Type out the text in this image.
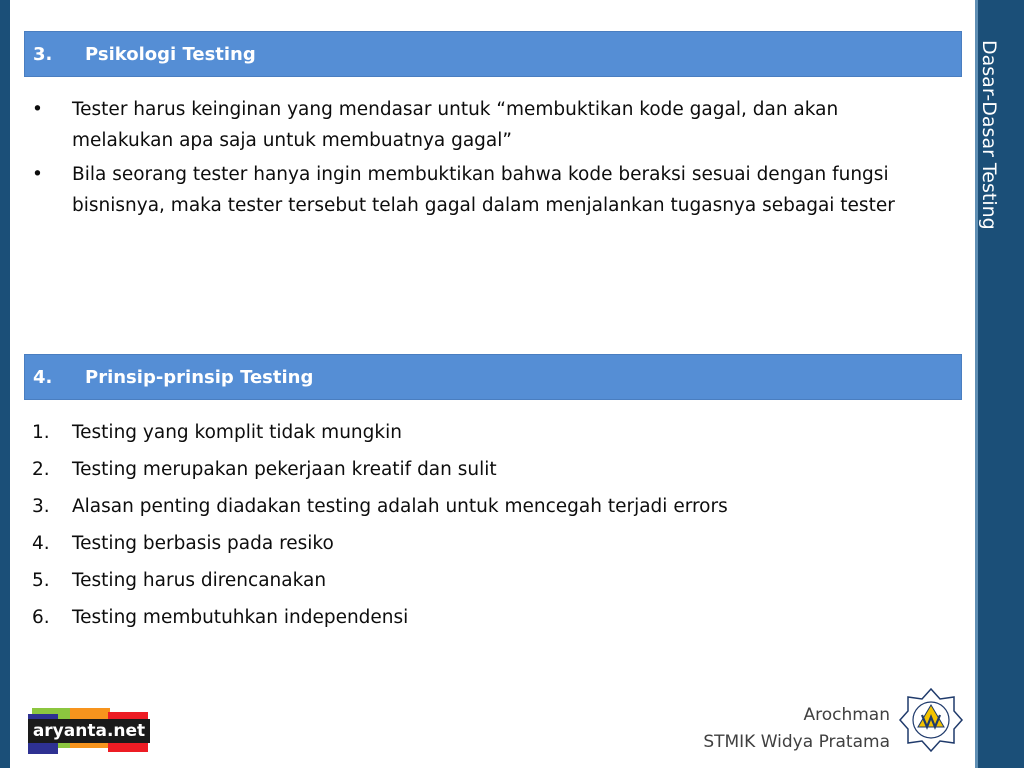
Dasar-Dasar Testing
3. Psikologi Testing
• Tester harus keinginan yang mendasar untuk “membuktikan kode gagal, dan akan melakukan apa saja untuk membuatnya gagal”
• Bila seorang tester hanya ingin membuktikan bahwa kode beraksi sesuai dengan fungsi bisnisnya, maka tester tersebut telah gagal dalam menjalankan tugasnya sebagai tester
4. Prinsip-prinsip Testing
1. Testing yang komplit tidak mungkin
2. Testing merupakan pekerjaan kreatif dan sulit
3. Alasan penting diadakan testing adalah untuk mencegah terjadi errors
4. Testing berbasis pada resiko
5. Testing harus direncanakan
6. Testing membutuhkan independensi
aryanta.net
Arochman
STMIK Widya Pratama
